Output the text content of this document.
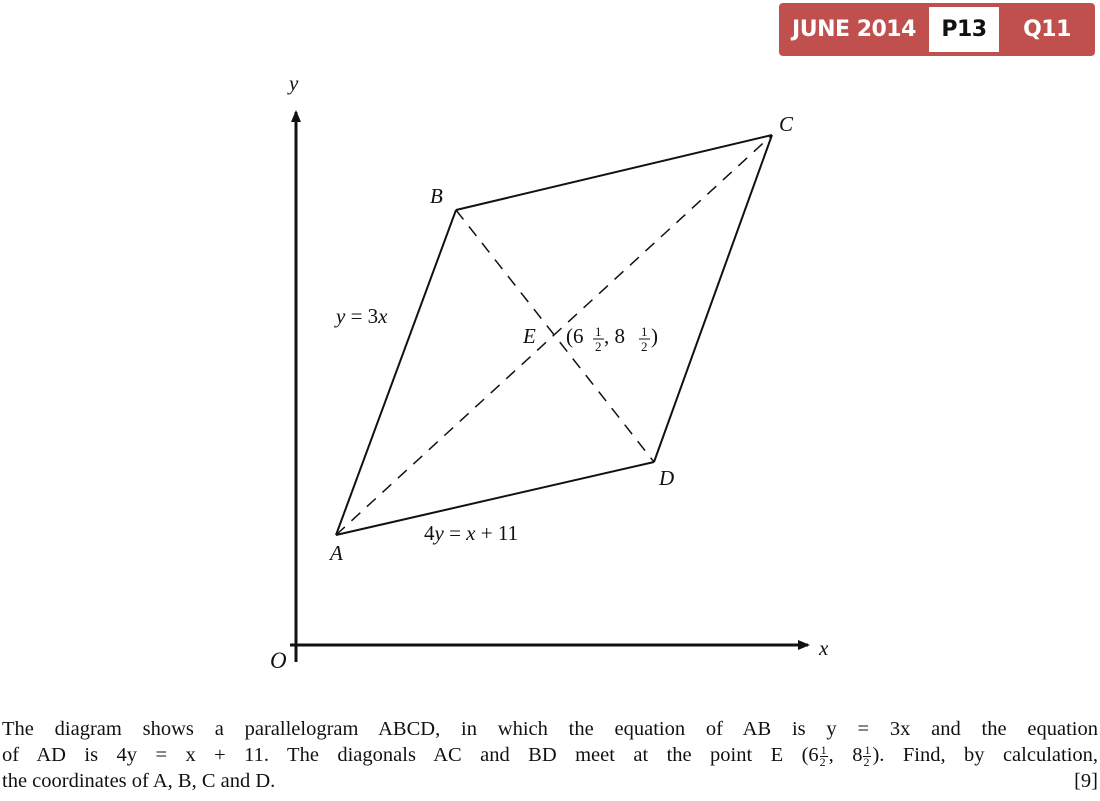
JUNE 2014	P13	Q11
y
x
O
A
B
C
D
E
y = 3x
4y = x + 11
(6 1
2 , 8 1
2 )
The diagram shows a parallelogram ABCD, in which the equation of AB is y = 3x and the equation
of AD is 4y = x + 11. The diagonals AC and BD meet at the point E ($6 \frac{1}{2}$ , $8 \frac{1}{2}$ ). Find, by calculation,
the coordinates of A, B, C and D.	[9]
